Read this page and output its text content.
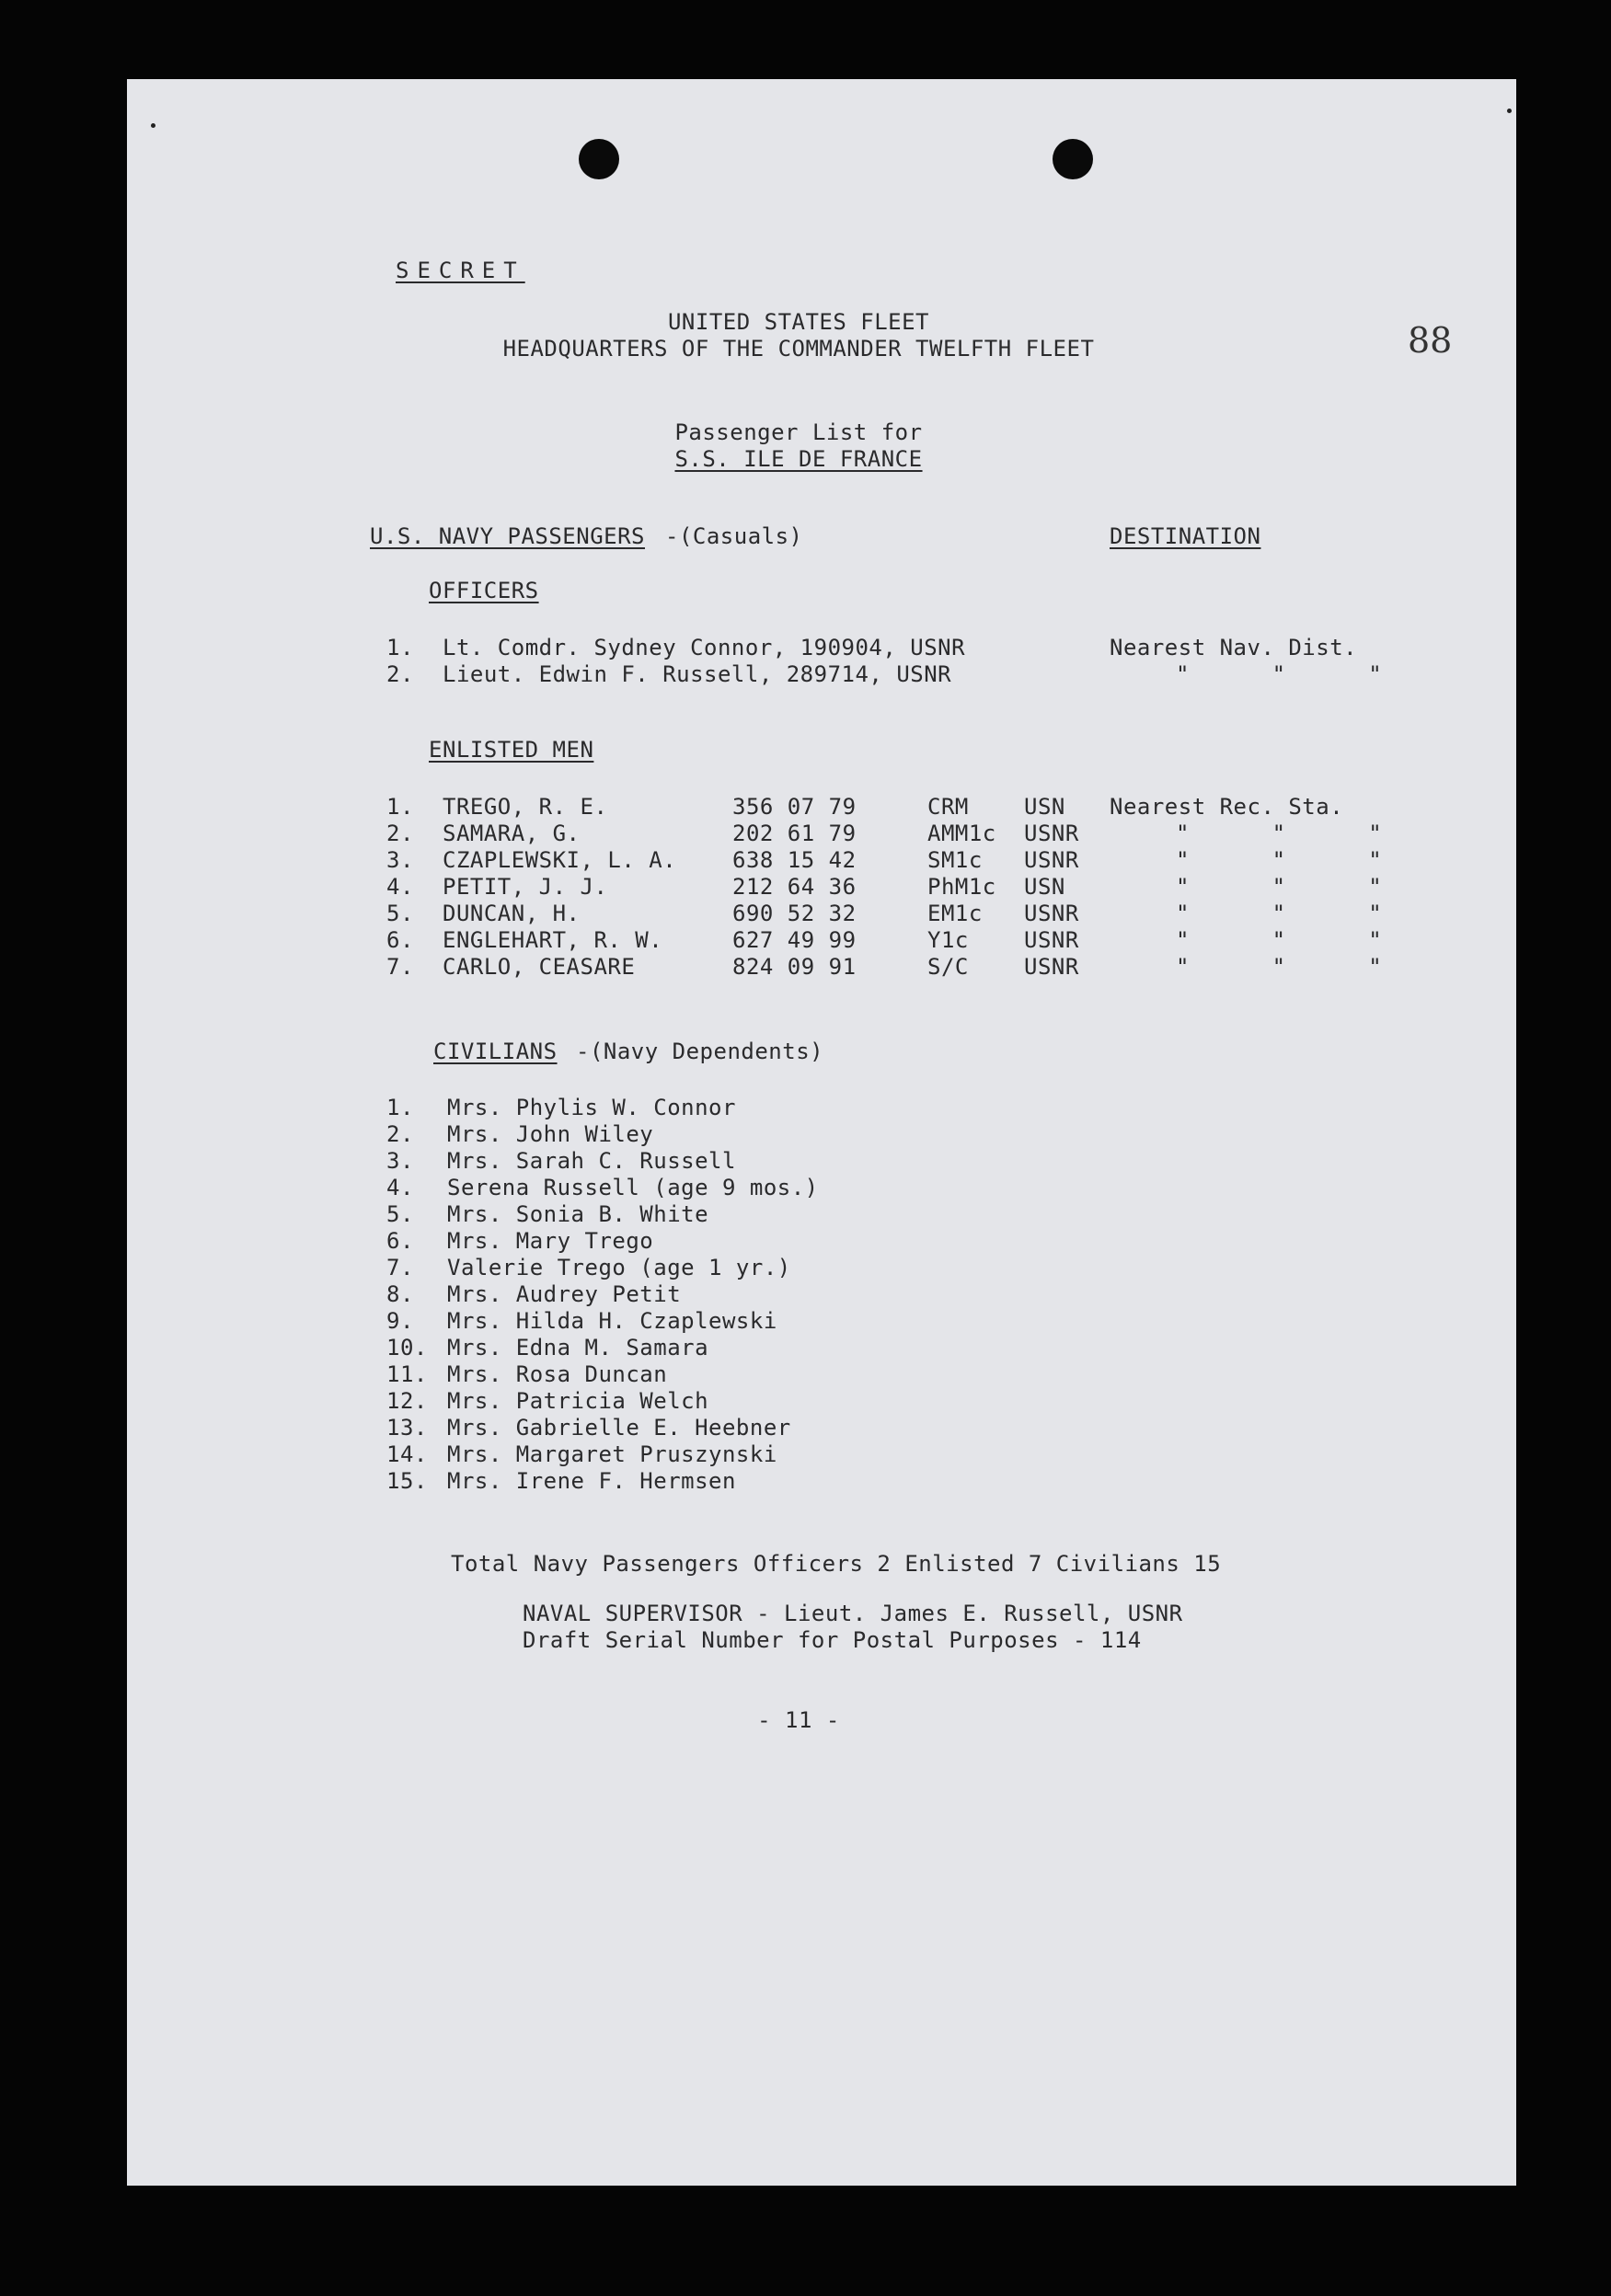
SECRET
UNITED STATES FLEET
HEADQUARTERS OF THE COMMANDER TWELFTH FLEET	88
Passenger List for
S.S. ILE DE FRANCE
U.S. NAVY PASSENGERS -(Casuals)	DESTINATION
OFFICERS
1. Lt. Comdr. Sydney Connor, 190904, USNR	Nearest Nav. Dist.
2. Lieut. Edwin F. Russell, 289714, USNR	"      "      "
ENLISTED MEN
1. TREGO, R. E.	356 07 79	CRM	USN Nearest Rec. Sta.
2. SAMARA, G.	202 61 79	AMM1c USNR	"      "      "
3. CZAPLEWSKI, L. A.	638 15 42	SM1c USNR	"      "      "
4. PETIT, J. J.	212 64 36	PhM1c USN	"      "      "
5. DUNCAN, H.	690 52 32	EM1c USNR	"      "      "
6. ENGLEHART, R. W.	627 49 99	Y1c	USNR	"      "      "
7. CARLO, CEASARE	824 09 91	S/C	USNR	"      "      "
CIVILIANS -(Navy Dependents)
1. Mrs. Phylis W. Connor
2. Mrs. John Wiley
3. Mrs. Sarah C. Russell
4. Serena Russell (age 9 mos.)
5. Mrs. Sonia B. White
6. Mrs. Mary Trego
7. Valerie Trego (age 1 yr.)
8. Mrs. Audrey Petit
9. Mrs. Hilda H. Czaplewski
10. Mrs. Edna M. Samara
11. Mrs. Rosa Duncan
12. Mrs. Patricia Welch
13. Mrs. Gabrielle E. Heebner
14. Mrs. Margaret Pruszynski
15. Mrs. Irene F. Hermsen
Total Navy Passengers Officers 2 Enlisted 7 Civilians 15
NAVAL SUPERVISOR - Lieut. James E. Russell, USNR
Draft Serial Number for Postal Purposes - 114
- 11 -
